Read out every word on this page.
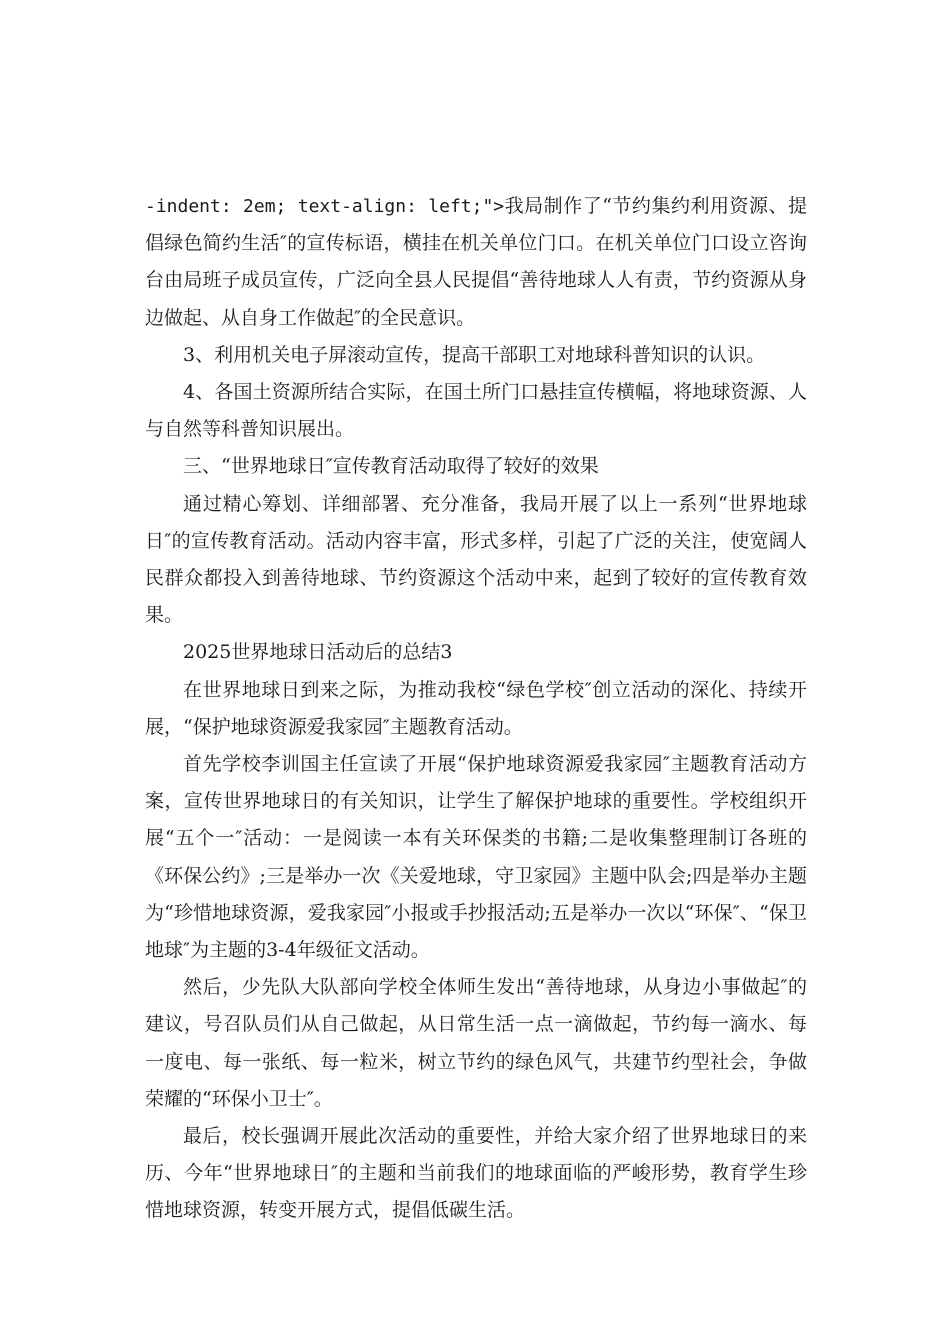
-indent: 2em; text-align: left;">我局制作了“节约集约利用资源、提倡绿色简约生活″的宣传标语，横挂在机关单位门口。在机关单位门口设立咨询台由局班子成员宣传，广泛向全县人民提倡“善待地球人人有责，节约资源从身边做起、从自身工作做起″的全民意识。

3、利用机关电子屏滚动宣传，提高干部职工对地球科普知识的认识。

4、各国土资源所结合实际，在国土所门口悬挂宣传横幅，将地球资源、人与自然等科普知识展出。

三、“世界地球日″宣传教育活动取得了较好的效果

通过精心筹划、详细部署、充分准备，我局开展了以上一系列“世界地球日″的宣传教育活动。活动内容丰富，形式多样，引起了广泛的关注，使宽阔人民群众都投入到善待地球、节约资源这个活动中来，起到了较好的宣传教育效果。

2025世界地球日活动后的总结3

在世界地球日到来之际，为推动我校“绿色学校″创立活动的深化、持续开展，“保护地球资源爱我家园″主题教育活动。

首先学校李训国主任宣读了开展“保护地球资源爱我家园″主题教育活动方案，宣传世界地球日的有关知识，让学生了解保护地球的重要性。学校组织开展“五个一″活动：一是阅读一本有关环保类的书籍;二是收集整理制订各班的《环保公约》;三是举办一次《关爱地球，守卫家园》主题中队会;四是举办主题为“珍惜地球资源，爱我家园″小报或手抄报活动;五是举办一次以“环保″、“保卫地球″为主题的3-4年级征文活动。

然后，少先队大队部向学校全体师生发出“善待地球，从身边小事做起″的建议，号召队员们从自己做起，从日常生活一点一滴做起，节约每一滴水、每一度电、每一张纸、每一粒米，树立节约的绿色风气，共建节约型社会，争做荣耀的“环保小卫士″。

最后，校长强调开展此次活动的重要性，并给大家介绍了世界地球日的来历、今年“世界地球日″的主题和当前我们的地球面临的严峻形势，教育学生珍惜地球资源，转变开展方式，提倡低碳生活。
